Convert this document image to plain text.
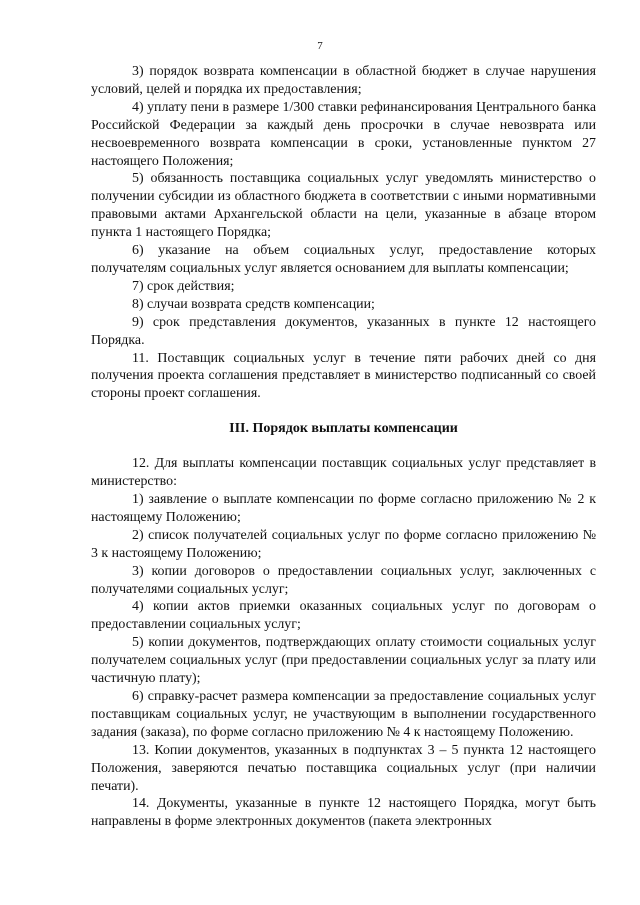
7

3) порядок возврата компенсации в областной бюджет в случае нарушения условий, целей и порядка их предоставления;

4) уплату пени в размере 1/300 ставки рефинансирования Центрального банка Российской Федерации за каждый день просрочки в случае невозврата или несвоевременного возврата компенсации в сроки, установленные пунктом 27 настоящего Положения;

5) обязанность поставщика социальных услуг уведомлять министерство о получении субсидии из областного бюджета в соответствии с иными нормативными правовыми актами Архангельской области на цели, указанные в абзаце втором пункта 1 настоящего Порядка;

6) указание на объем социальных услуг, предоставление которых получателям социальных услуг является основанием для выплаты компенсации;

7) срок действия;

8) случаи возврата средств компенсации;

9) срок представления документов, указанных в пункте 12 настоящего Порядка.

11. Поставщик социальных услуг в течение пяти рабочих дней со дня получения проекта соглашения представляет в министерство подписанный со своей стороны проект соглашения.

III. Порядок выплаты компенсации

12. Для выплаты компенсации поставщик социальных услуг представляет в министерство:

1) заявление о выплате компенсации по форме согласно приложению № 2 к настоящему Положению;

2) список получателей социальных услуг по форме согласно приложению № 3 к настоящему Положению;

3) копии договоров о предоставлении социальных услуг, заключенных с получателями социальных услуг;

4) копии актов приемки оказанных социальных услуг по договорам о предоставлении социальных услуг;

5) копии документов, подтверждающих оплату стоимости социальных услуг получателем социальных услуг (при предоставлении социальных услуг за плату или частичную плату);

6) справку-расчет размера компенсации за предоставление социальных услуг поставщикам социальных услуг, не участвующим в выполнении государственного задания (заказа), по форме согласно приложению № 4 к настоящему Положению.

13. Копии документов, указанных в подпунктах 3 – 5 пункта 12 настоящего Положения, заверяются печатью поставщика социальных услуг (при наличии печати).

14. Документы, указанные в пункте 12 настоящего Порядка, могут быть направлены в форме электронных документов (пакета электронных
